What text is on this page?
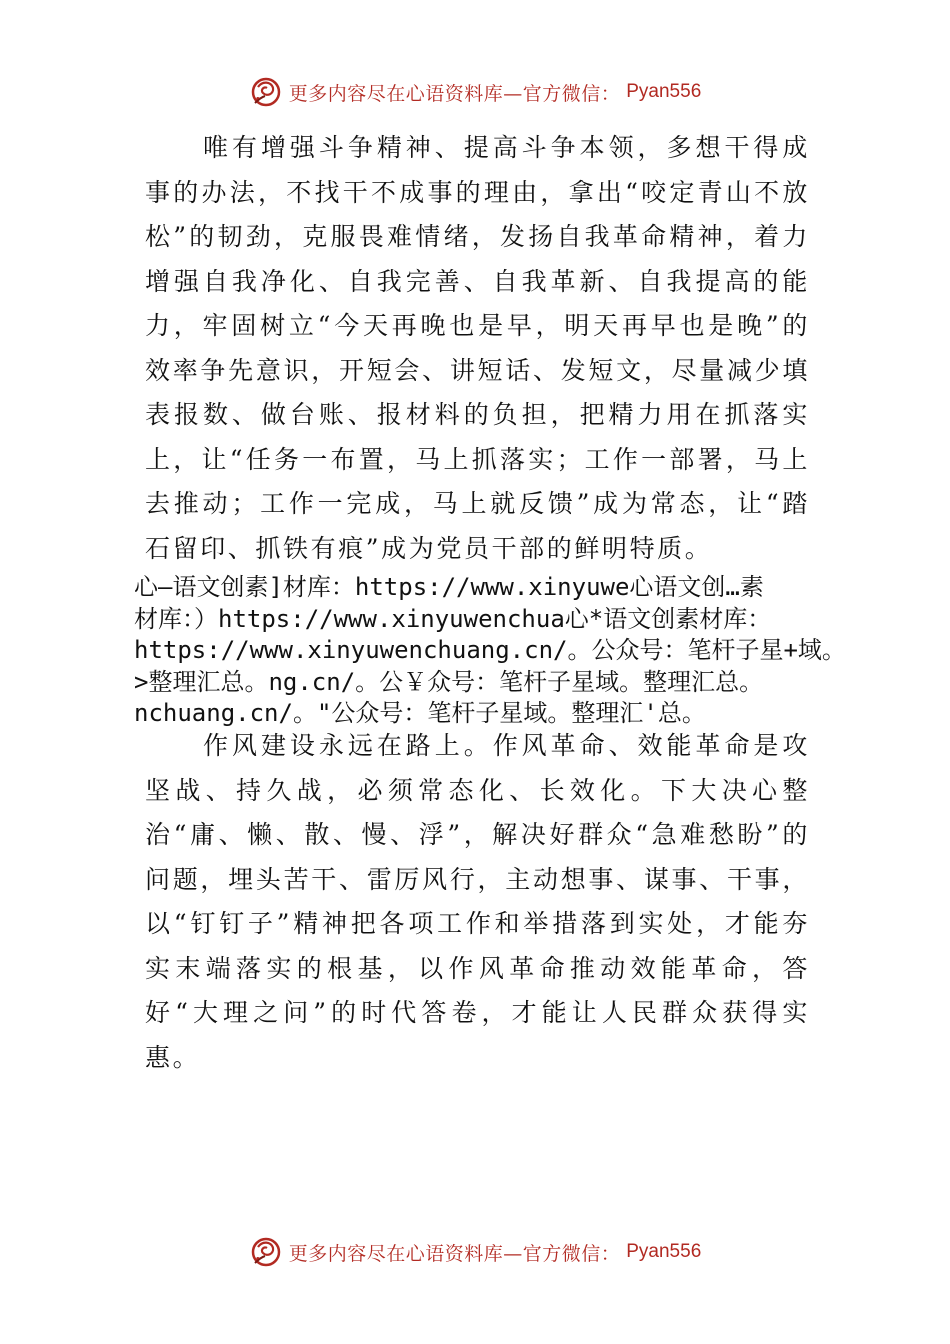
更多内容尽在心语资料库—官方微信： Pyan556

唯有增强斗争精神、提高斗争本领，多想干得成事的办法，不找干不成事的理由，拿出“咬定青山不放松”的韧劲，克服畏难情绪，发扬自我革命精神，着力增强自我净化、自我完善、自我革新、自我提高的能力，牢固树立“今天再晚也是早，明天再早也是晚”的效率争先意识，开短会、讲短话、发短文，尽量减少填表报数、做台账、报材料的负担，把精力用在抓落实上，让“任务一布置，马上抓落实；工作一部署，马上去推动；工作一完成，马上就反馈”成为常态，让“踏石留印、抓铁有痕”成为党员干部的鲜明特质。

心—语文创素]材库：https://www.xinyuwe心语文创…素
材库：）https://www.xinyuwenchua心*语文创素材库：
https://www.xinyuwenchuang.cn/。公众号：笔杆子星+域。
>整理汇总。ng.cn/。公￥众号：笔杆子星域。整理汇总。
nchuang.cn/。"公众号：笔杆子星域。整理汇'总。

作风建设永远在路上。作风革命、效能革命是攻坚战、持久战，必须常态化、长效化。下大决心整治“庸、懒、散、慢、浮”，解决好群众“急难愁盼”的问题，埋头苦干、雷厉风行，主动想事、谋事、干事，以“钉钉子”精神把各项工作和举措落到实处，才能夯实末端落实的根基，以作风革命推动效能革命，答好“大理之问”的时代答卷，才能让人民群众获得实惠。

更多内容尽在心语资料库—官方微信： Pyan556
